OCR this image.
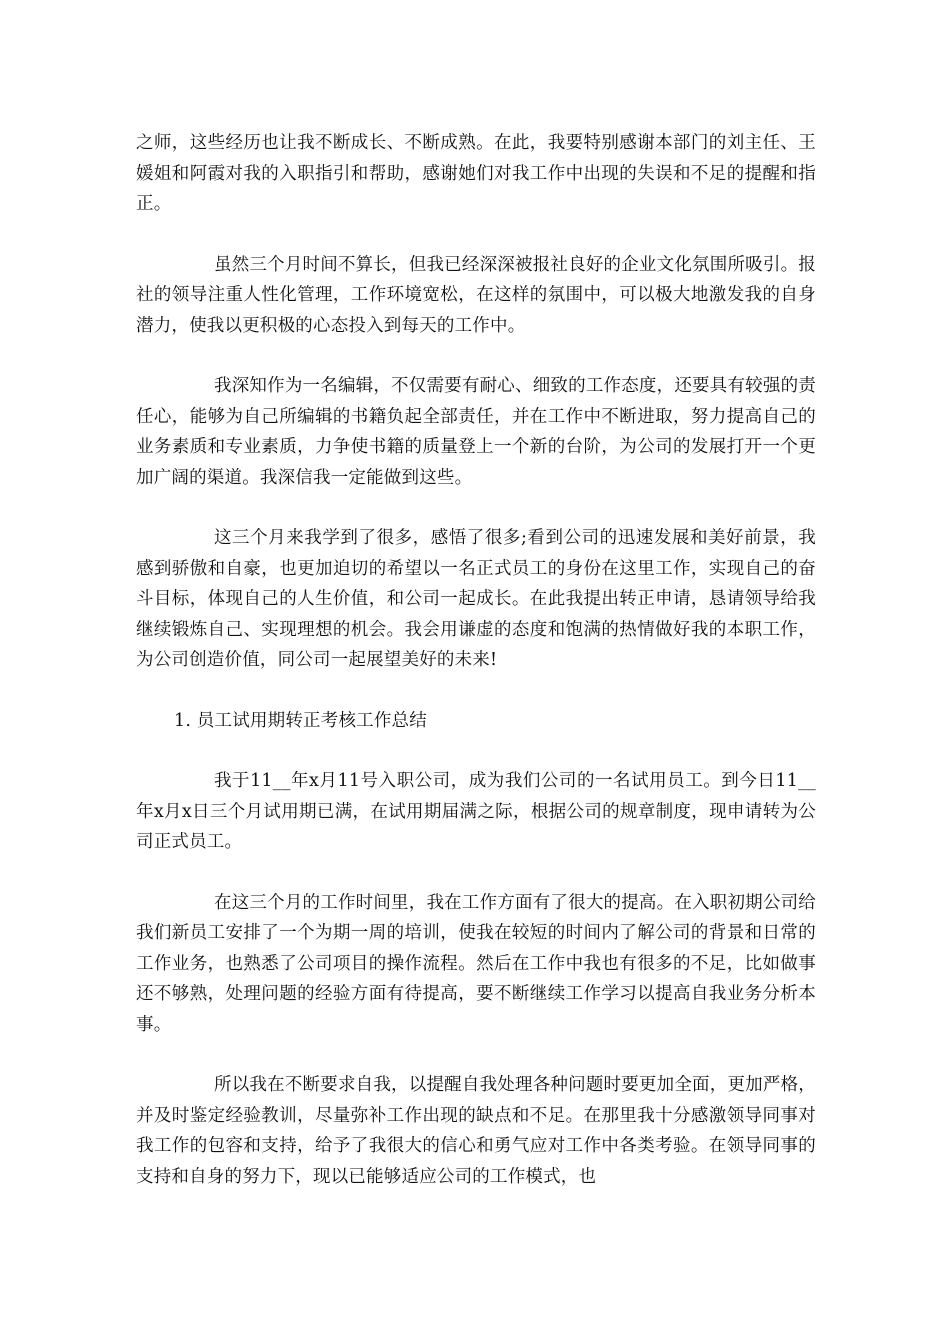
之师，这些经历也让我不断成长、不断成熟。在此，我要特别感谢本部门的刘主任、王媛姐和阿霞对我的入职指引和帮助，感谢她们对我工作中出现的失误和不足的提醒和指正。

虽然三个月时间不算长，但我已经深深被报社良好的企业文化氛围所吸引。报社的领导注重人性化管理，工作环境宽松，在这样的氛围中，可以极大地激发我的自身潜力，使我以更积极的心态投入到每天的工作中。

我深知作为一名编辑，不仅需要有耐心、细致的工作态度，还要具有较强的责任心，能够为自己所编辑的书籍负起全部责任，并在工作中不断进取，努力提高自己的业务素质和专业素质，力争使书籍的质量登上一个新的台阶，为公司的发展打开一个更加广阔的渠道。我深信我一定能做到这些。

这三个月来我学到了很多，感悟了很多;看到公司的迅速发展和美好前景，我感到骄傲和自豪，也更加迫切的希望以一名正式员工的身份在这里工作，实现自己的奋斗目标，体现自己的人生价值，和公司一起成长。在此我提出转正申请，恳请领导给我继续锻炼自己、实现理想的机会。我会用谦虚的态度和饱满的热情做好我的本职工作，为公司创造价值，同公司一起展望美好的未来!

1. 员工试用期转正考核工作总结

我于11__年x月11号入职公司，成为我们公司的一名试用员工。到今日11__年x月x日三个月试用期已满，在试用期届满之际，根据公司的规章制度，现申请转为公司正式员工。

在这三个月的工作时间里，我在工作方面有了很大的提高。在入职初期公司给我们新员工安排了一个为期一周的培训，使我在较短的时间内了解公司的背景和日常的工作业务，也熟悉了公司项目的操作流程。然后在工作中我也有很多的不足，比如做事还不够熟，处理问题的经验方面有待提高，要不断继续工作学习以提高自我业务分析本事。

所以我在不断要求自我，以提醒自我处理各种问题时要更加全面，更加严格，并及时鉴定经验教训，尽量弥补工作出现的缺点和不足。在那里我十分感激领导同事对我工作的包容和支持，给予了我很大的信心和勇气应对工作中各类考验。在领导同事的支持和自身的努力下，现以已能够适应公司的工作模式，也
